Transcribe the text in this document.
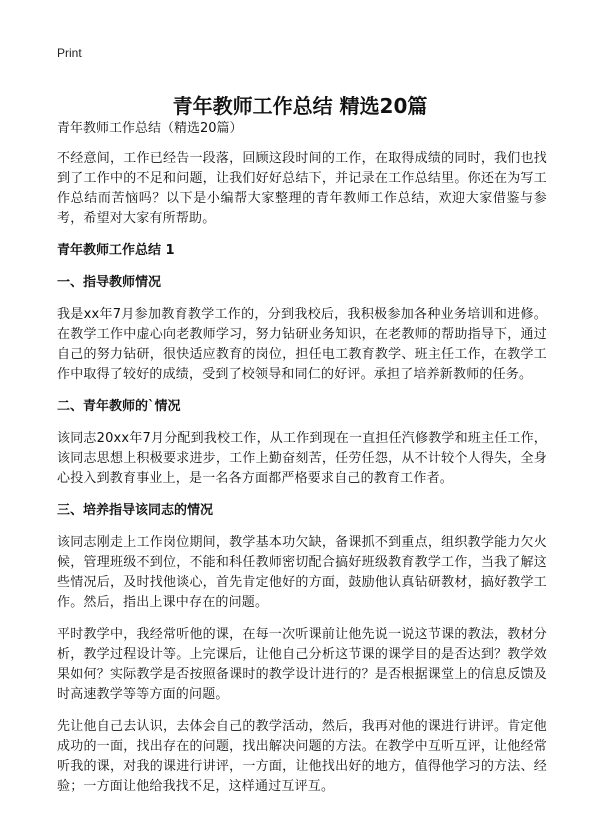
Print
青年教师工作总结 精选20篇

青年教师工作总结（精选20篇）

不经意间，工作已经告一段落，回顾这段时间的工作，在取得成绩的同时，我们也找到了工作中的不足和问题，让我们好好总结下，并记录在工作总结里。你还在为写工作总结而苦恼吗？以下是小编帮大家整理的青年教师工作总结，欢迎大家借鉴与参考，希望对大家有所帮助。

青年教师工作总结 1
一、指导教师情况

我是xx年7月参加教育教学工作的，分到我校后，我积极参加各种业务培训和进修。在教学工作中虚心向老教师学习，努力钻研业务知识，在老教师的帮助指导下，通过自己的努力钻研，很快适应教育的岗位，担任电工教育教学、班主任工作，在教学工作中取得了较好的成绩，受到了校领导和同仁的好评。承担了培养新教师的任务。

二、青年教师的`情况

该同志20xx年7月分配到我校工作，从工作到现在一直担任汽修教学和班主任工作，该同志思想上积极要求进步，工作上勤奋刻苦，任劳任怨，从不计较个人得失，全身心投入到教育事业上，是一名各方面都严格要求自己的教育工作者。

三、培养指导该同志的情况

该同志刚走上工作岗位期间，教学基本功欠缺，备课抓不到重点，组织教学能力欠火候，管理班级不到位，不能和科任教师密切配合搞好班级教育教学工作，当我了解这些情况后，及时找他谈心，首先肯定他好的方面，鼓励他认真钻研教材，搞好教学工作。然后，指出上课中存在的问题。

平时教学中，我经常听他的课，在每一次听课前让他先说一说这节课的教法，教材分析，教学过程设计等。上完课后，让他自己分析这节课的课学目的是否达到？教学效果如何？实际教学是否按照备课时的教学设计进行的？是否根据课堂上的信息反馈及时高速教学等等方面的问题。

先让他自己去认识，去体会自己的教学活动，然后，我再对他的课进行讲评。肯定他成功的一面，找出存在的问题，找出解决问题的方法。在教学中互听互评，让他经常听我的课，对我的课进行讲评，一方面，让他找出好的地方，值得他学习的方法、经验；一方面让他给我找不足，这样通过互评互。
